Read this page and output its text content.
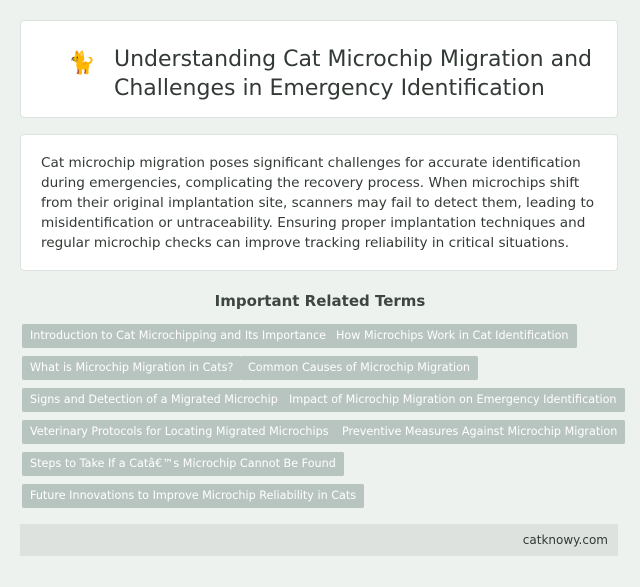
🐈 Understanding Cat Microchip Migration and Challenges in Emergency Identification

Cat microchip migration poses significant challenges for accurate identification during emergencies, complicating the recovery process. When microchips shift from their original implantation site, scanners may fail to detect them, leading to misidentification or untraceability. Ensuring proper implantation techniques and regular microchip checks can improve tracking reliability in critical situations.

Important Related Terms
Introduction to Cat Microchipping and Its Importance How Microchips Work in Cat Identification
What is Microchip Migration in Cats?	Common Causes of Microchip Migration
Signs and Detection of a Migrated Microchip Impact of Microchip Migration on Emergency Identification
Veterinary Protocols for Locating Migrated Microchips	Preventive Measures Against Microchip Migration
Steps to Take If a Catâ€™s Microchip Cannot Be Found
Future Innovations to Improve Microchip Reliability in Cats
catknowy.com
